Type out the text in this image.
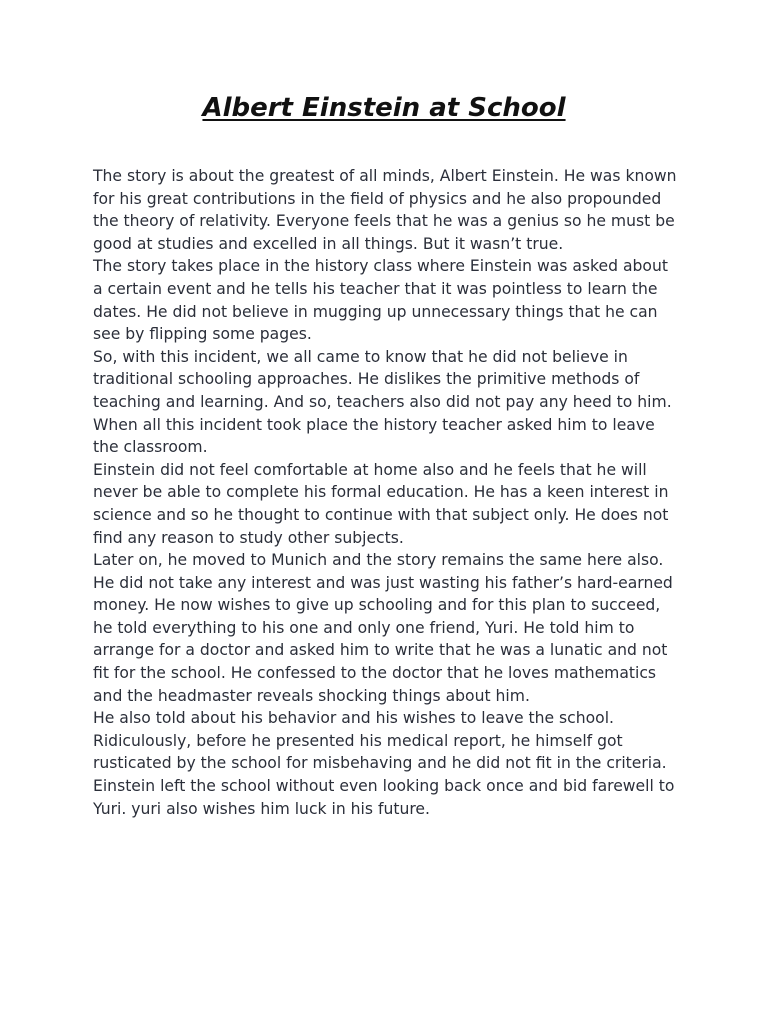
Albert Einstein at School

The story is about the greatest of all minds, Albert Einstein. He was known for his great contributions in the field of physics and he also propounded the theory of relativity. Everyone feels that he was a genius so he must be good at studies and excelled in all things. But it wasn’t true.

The story takes place in the history class where Einstein was asked about a certain event and he tells his teacher that it was pointless to learn the dates. He did not believe in mugging up unnecessary things that he can see by flipping some pages.

So, with this incident, we all came to know that he did not believe in traditional schooling approaches. He dislikes the primitive methods of teaching and learning. And so, teachers also did not pay any heed to him. When all this incident took place the history teacher asked him to leave the classroom.

Einstein did not feel comfortable at home also and he feels that he will never be able to complete his formal education. He has a keen interest in science and so he thought to continue with that subject only. He does not find any reason to study other subjects.

Later on, he moved to Munich and the story remains the same here also. He did not take any interest and was just wasting his father’s hard-earned money. He now wishes to give up schooling and for this plan to succeed, he told everything to his one and only one friend, Yuri. He told him to arrange for a doctor and asked him to write that he was a lunatic and not fit for the school. He confessed to the doctor that he loves mathematics and the headmaster reveals shocking things about him.

He also told about his behavior and his wishes to leave the school. Ridiculously, before he presented his medical report, he himself got rusticated by the school for misbehaving and he did not fit in the criteria.

Einstein left the school without even looking back once and bid farewell to Yuri. yuri also wishes him luck in his future.
